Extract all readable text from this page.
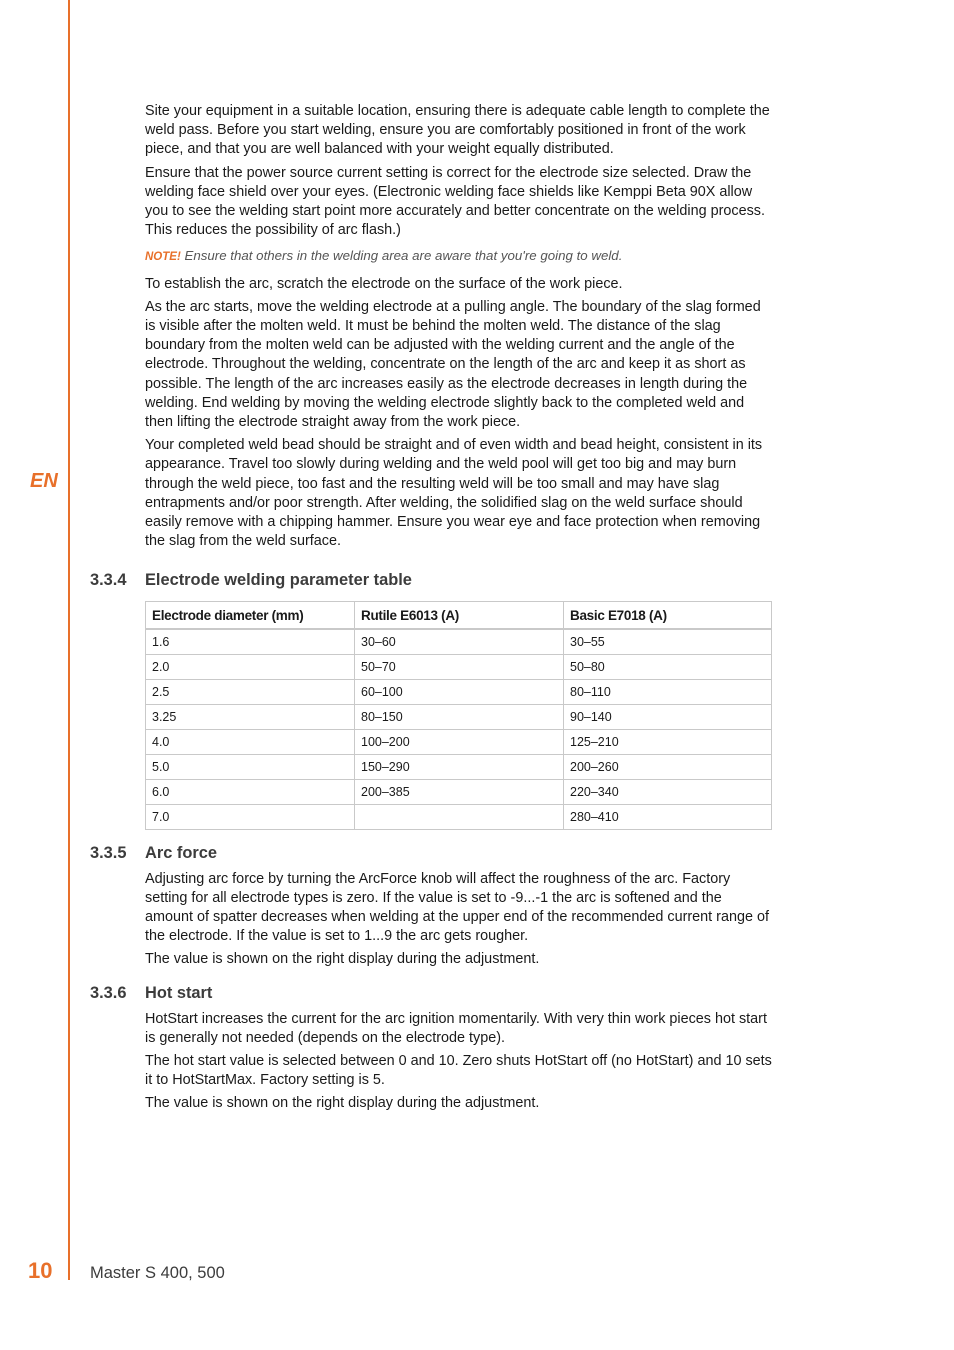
EN

Site your equipment in a suitable location, ensuring there is adequate cable length to complete the weld pass. Before you start welding, ensure you are comfortably positioned in front of the work piece, and that you are well balanced with your weight equally distributed.

Ensure that the power source current setting is correct for the electrode size selected. Draw the welding face shield over your eyes. (Electronic welding face shields like Kemppi Beta 90X allow you to see the welding start point more accurately and better concentrate on the welding process. This reduces the possibility of arc flash.)

NOTE! Ensure that others in the welding area are aware that you're going to weld.

To establish the arc, scratch the electrode on the surface of the work piece.

As the arc starts, move the welding electrode at a pulling angle. The boundary of the slag formed is visible after the molten weld. It must be behind the molten weld. The distance of the slag boundary from the molten weld can be adjusted with the welding current and the angle of the electrode. Throughout the welding, concentrate on the length of the arc and keep it as short as possible. The length of the arc increases easily as the electrode decreases in length during the welding. End welding by moving the welding electrode slightly back to the completed weld and then lifting the electrode straight away from the work piece.

Your completed weld bead should be straight and of even width and bead height, consistent in its appearance. Travel too slowly during welding and the weld pool will get too big and may burn through the weld piece, too fast and the resulting weld will be too small and may have slag entrapments and/or poor strength. After welding, the solidified slag on the weld surface should easily remove with a chipping hammer. Ensure you wear eye and face protection when removing the slag from the weld surface.

3.3.4 Electrode welding parameter table
Electrode diameter (mm)	Rutile E6013 (A)	Basic E7018 (A)
1.6	30–60	30–55
2.0	50–70	50–80
2.5	60–100	80–110
3.25	80–150	90–140
4.0	100–200	125–210
5.0	150–290	200–260
6.0	200–385	220–340
7.0		280–410
3.3.5 Arc force

Adjusting arc force by turning the ArcForce knob will affect the roughness of the arc. Factory setting for all electrode types is zero. If the value is set to -9...-1 the arc is softened and the amount of spatter decreases when welding at the upper end of the recommended current range of the electrode. If the value is set to 1...9 the arc gets rougher.

The value is shown on the right display during the adjustment.

3.3.6 Hot start

HotStart increases the current for the arc ignition momentarily. With very thin work pieces hot start is generally not needed (depends on the electrode type).

The hot start value is selected between 0 and 10. Zero shuts HotStart off (no HotStart) and 10 sets it to HotStartMax. Factory setting is 5.

The value is shown on the right display during the adjustment.

10 Master S 400, 500
